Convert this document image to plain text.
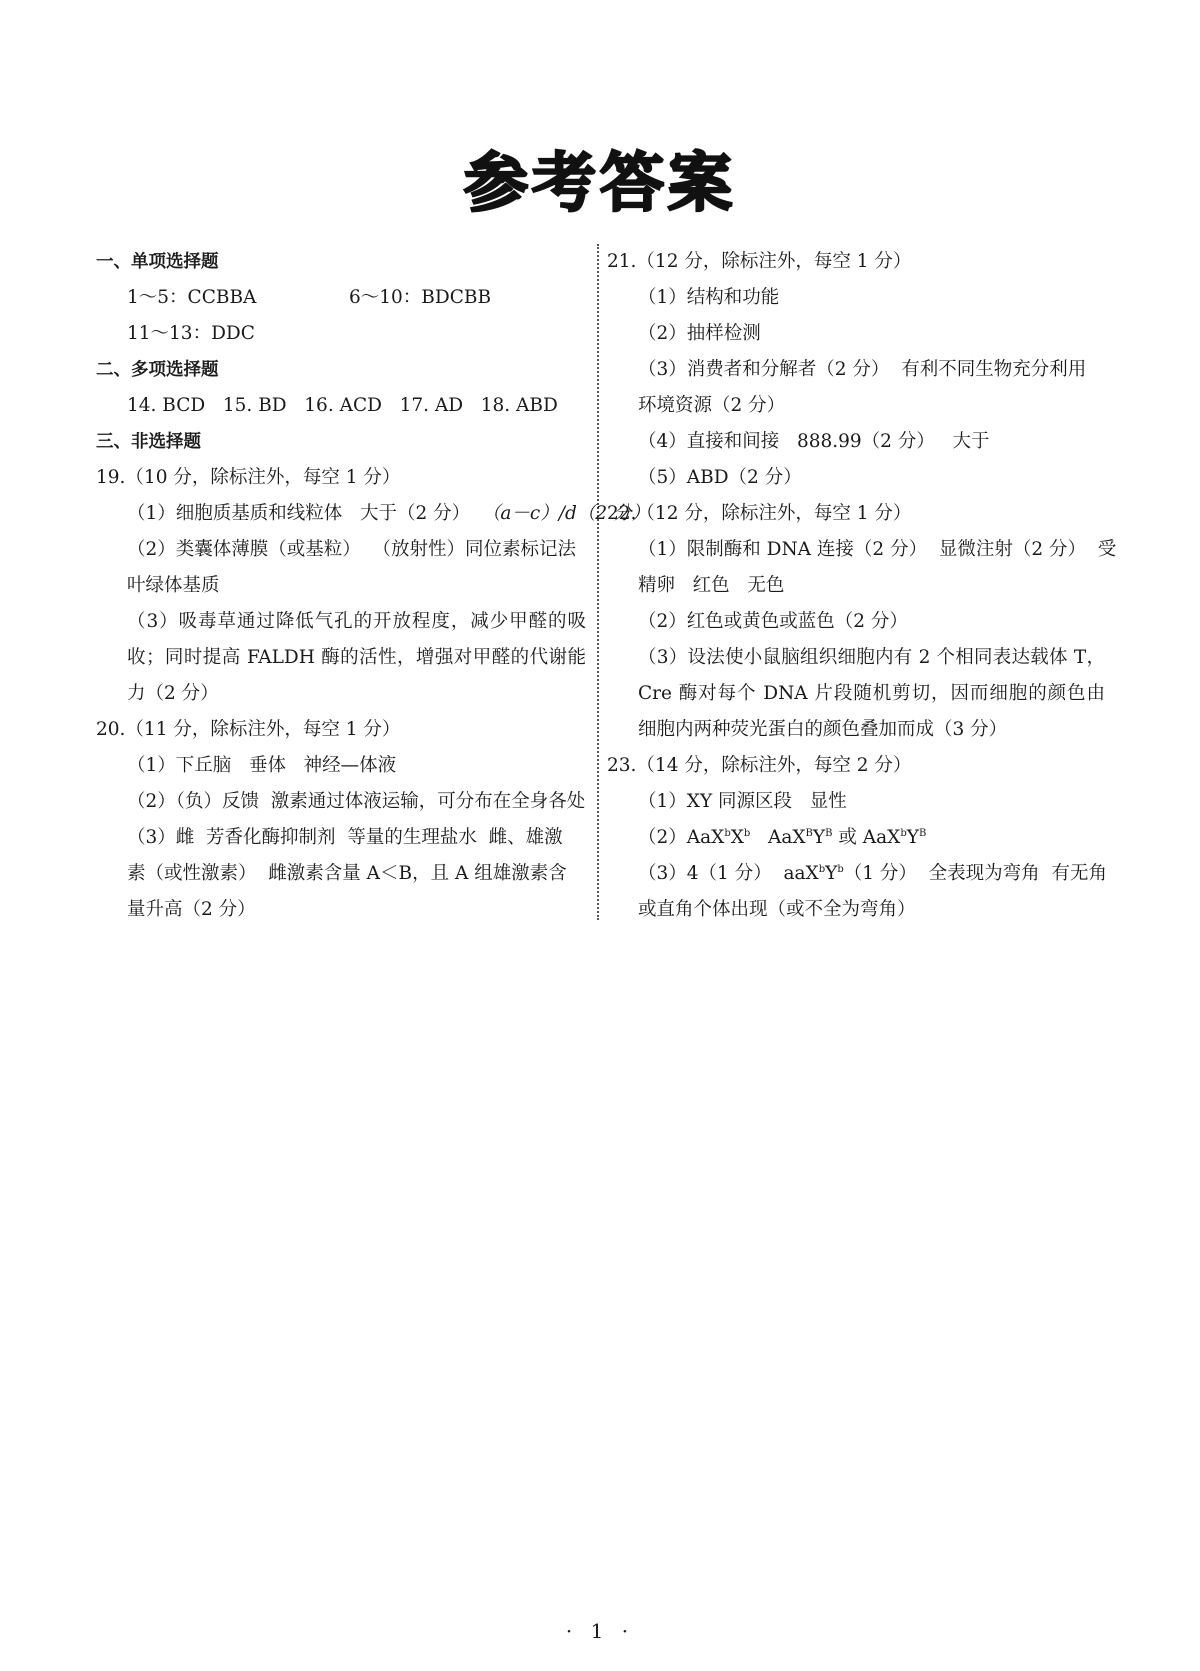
参考答案
一、单项选择题
1～5：CCBBA	6～10：BDCBB
11～13：DDC
二、多项选择题
14. BCD 15. BD 16. ACD 17. AD 18. ABD
三、非选择题
19.（10 分，除标注外，每空 1 分）
（1）细胞质基质和线粒体 大于（2 分） （a－c）/d（2 分）
（2）类囊体薄膜（或基粒） （放射性）同位素标记法
叶绿体基质
（3）吸毒草通过降低气孔的开放程度，减少甲醛的吸
收；同时提高 FALDH 酶的活性，增强对甲醛的代谢能
力（2 分）
20.（11 分，除标注外，每空 1 分）
（1）下丘脑 垂体 神经—体液
（2）（负）反馈 激素通过体液运输，可分布在全身各处
（3）雌 芳香化酶抑制剂 等量的生理盐水 雌、雄激
素（或性激素） 雌激素含量 A＜B，且 A 组雄激素含
量升高（2 分）
21.（12 分，除标注外，每空 1 分）
（1）结构和功能
（2）抽样检测
（3）消费者和分解者（2 分） 有利不同生物充分利用
环境资源（2 分）
（4）直接和间接 888.99（2 分） 大于
（5）ABD（2 分）
22.（12 分，除标注外，每空 1 分）
（1）限制酶和 DNA 连接（2 分） 显微注射（2 分） 受
精卵 红色 无色
（2）红色或黄色或蓝色（2 分）
（3）设法使小鼠脑组织细胞内有 2 个相同表达载体 T，
Cre 酶对每个 DNA 片段随机剪切，因而细胞的颜色由
细胞内两种荧光蛋白的颜色叠加而成（3 分）
23.（14 分，除标注外，每空 2 分）
（1）XY 同源区段 显性
$(2)AaX^bX^b$ $AaX^BY^B$ 或 $AaX^bY^B$
（3）4（1 分） $aaX^bY^b(1$ 分） 全表现为弯角 有无角
或直角个体出现（或不全为弯角）
· 1 ·
